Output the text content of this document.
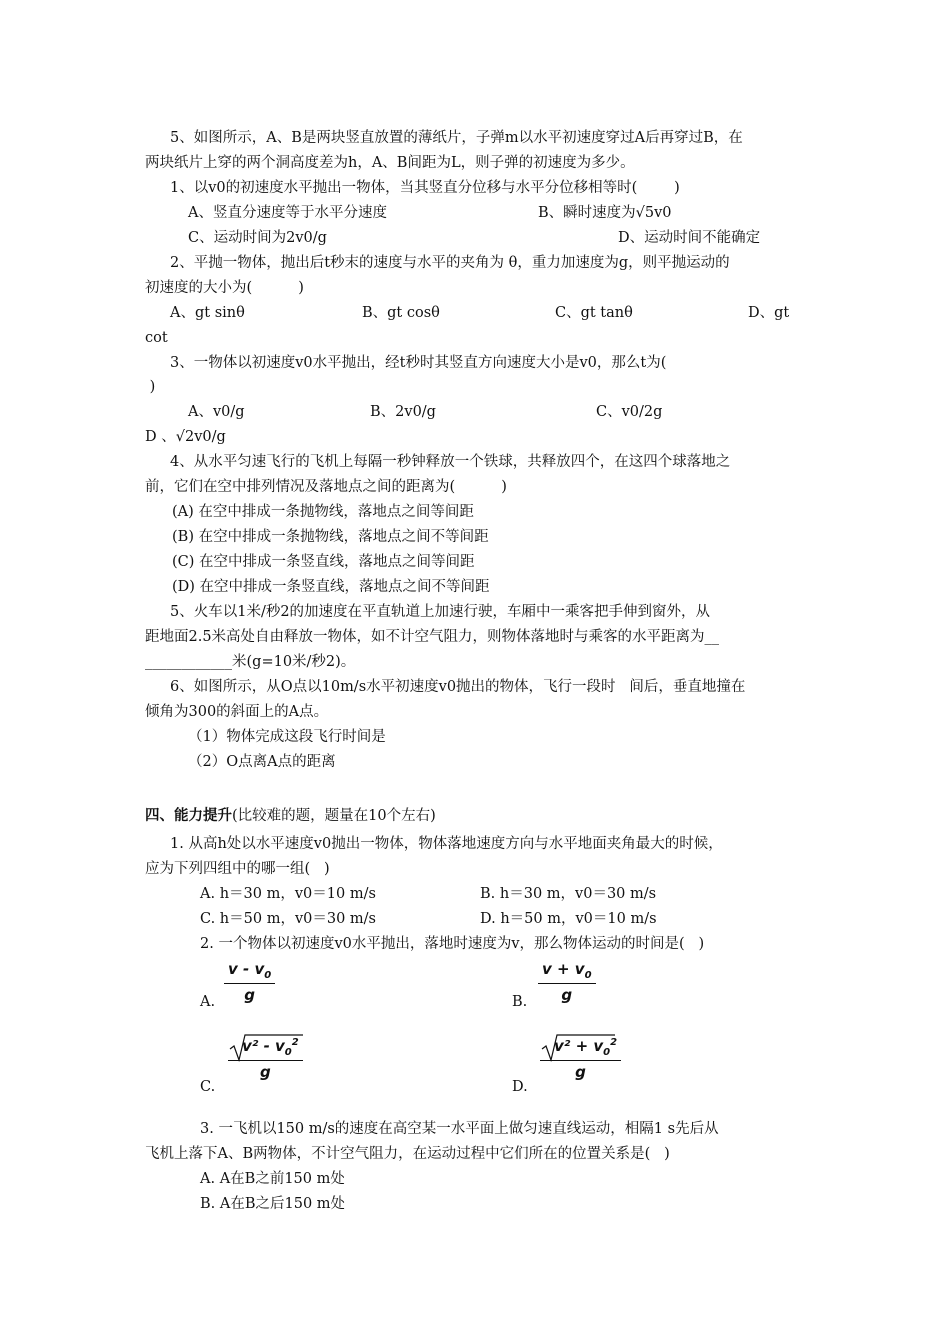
5、如图所示，A、B是两块竖直放置的薄纸片，子弹m以水平初速度穿过A后再穿过B，在
两块纸片上穿的两个洞高度差为h，A、B间距为L，则子弹的初速度为多少。
1、以v0的初速度水平抛出一物体，当其竖直分位移与水平分位移相等时(        )
A、竖直分速度等于水平分速度	B、瞬时速度为√5v0
C、运动时间为2v0/g	D、运动时间不能确定
2、平抛一物体，抛出后t秒末的速度与水平的夹角为 θ，重力加速度为g，则平抛运动的
初速度的大小为(          )
A、gt sinθ	B、gt cosθ	C、gt tanθ	D、gt
cot
3、一物体以初速度v0水平抛出，经t秒时其竖直方向速度大小是v0，那么t为(
)
A、v0/g	B、2v0/g	C、v0/2g
D 、√2v0/g
4、从水平匀速飞行的飞机上每隔一秒钟释放一个铁球，共释放四个，在这四个球落地之
前，它们在空中排列情况及落地点之间的距离为(          )
(A) 在空中排成一条抛物线，落地点之间等间距
(B) 在空中排成一条抛物线，落地点之间不等间距
(C) 在空中排成一条竖直线，落地点之间等间距
(D) 在空中排成一条竖直线，落地点之间不等间距
5、火车以1米/秒2的加速度在平直轨道上加速行驶，车厢中一乘客把手伸到窗外，从
距地面2.5米高处自由释放一物体，如不计空气阻力，则物体落地时与乘客的水平距离为__
____________米(g=10米/秒2)。
6、如图所示，从O点以10m/s水平初速度v0抛出的物体，飞行一段时   间后，垂直地撞在
倾角为300的斜面上的A点。
（1）物体完成这段飞行时间是
（2）O点离A点的距离
四、能力提升(比较难的题，题量在10个左右)
1. 从高h处以水平速度v0抛出一物体，物体落地速度方向与水平地面夹角最大的时候，
应为下列四组中的哪一组(   )
A. h＝30 m，v0＝10 m/s	B. h＝30 m，v0＝30 m/s
C. h＝50 m，v0＝30 m/s	D. h＝50 m，v0＝10 m/s
2. 一个物体以初速度v0水平抛出，落地时速度为v，那么物体运动的时间是(   )
A. $\frac{v - v_0}{g}$	B. $\frac{v + v_0}{g}$
C.
$\frac{v^2 - v_0^2}{g}$
D.
$\frac{v^2 + v_0^2}{g}$
3. 一飞机以150 m/s的速度在高空某一水平面上做匀速直线运动，相隔1 s先后从
飞机上落下A、B两物体，不计空气阻力，在运动过程中它们所在的位置关系是(   )
A. A在B之前150 m处
B. A在B之后150 m处
